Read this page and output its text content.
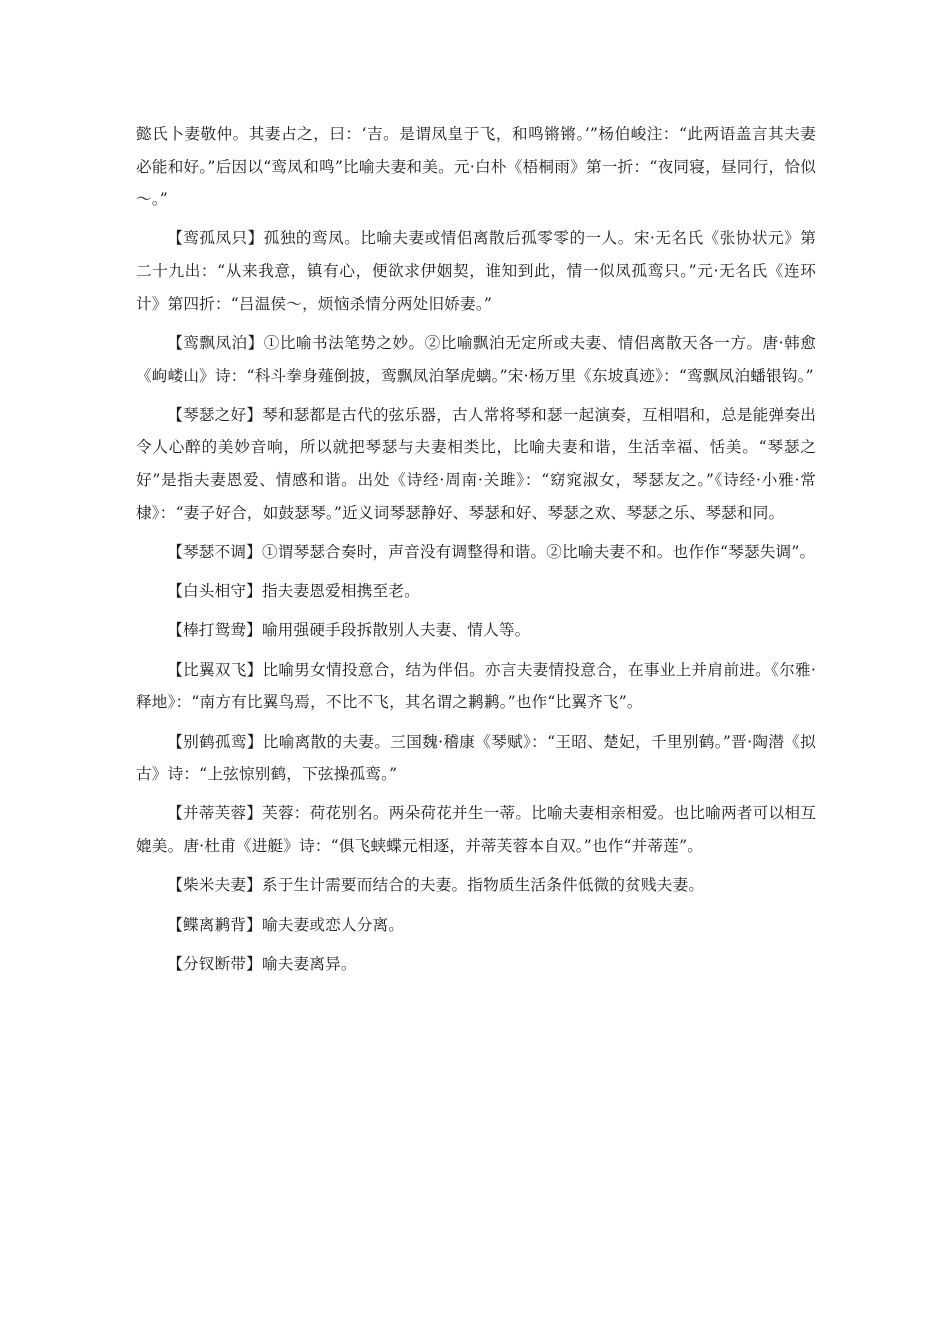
懿氏卜妻敬仲。其妻占之，曰：‘吉。是谓凤皇于飞，和鸣锵锵。’”杨伯峻注：“此两语盖言其夫妻必能和好。”后因以“鸾凤和鸣”比喻夫妻和美。元·白朴《梧桐雨》第一折：“夜同寝，昼同行，恰似～。”

【鸾孤凤只】孤独的鸾凤。比喻夫妻或情侣离散后孤零零的一人。宋·无名氏《张协状元》第二十九出：“从来我意，镇有心，便欲求伊姻契，谁知到此，情一似凤孤鸾只。”元·无名氏《连环计》第四折：“吕温侯～，烦恼杀情分两处旧娇妻。”

【鸾飘凤泊】①比喻书法笔势之妙。②比喻飘泊无定所或夫妻、情侣离散天各一方。唐·韩愈《岣嵝山》诗：“科斗拳身薤倒披，鸾飘凤泊拏虎螭。”宋·杨万里《东坡真迹》：“鸾飘凤泊蟠银钩。”

【琴瑟之好】琴和瑟都是古代的弦乐器，古人常将琴和瑟一起演奏，互相唱和，总是能弹奏出令人心醉的美妙音响，所以就把琴瑟与夫妻相类比，比喻夫妻和谐，生活幸福、恬美。“琴瑟之好”是指夫妻恩爱、情感和谐。出处《诗经·周南·关雎》：“窈窕淑女，琴瑟友之。”《诗经·小雅·常棣》：“妻子好合，如鼓瑟琴。”近义词琴瑟静好、琴瑟和好、琴瑟之欢、琴瑟之乐、琴瑟和同。

【琴瑟不调】①谓琴瑟合奏时，声音没有调整得和谐。②比喻夫妻不和。也作作“琴瑟失调”。

【白头相守】指夫妻恩爱相携至老。

【棒打鸳鸯】喻用强硬手段拆散别人夫妻、情人等。

【比翼双飞】比喻男女情投意合，结为伴侣。亦言夫妻情投意合，在事业上并肩前进。《尔雅·释地》：“南方有比翼鸟焉，不比不飞，其名谓之鹣鹣。”也作“比翼齐飞”。

【别鹤孤鸾】比喻离散的夫妻。三国魏·稽康《琴赋》：“王昭、楚妃，千里别鹤。”晋·陶潜《拟古》诗：“上弦惊别鹤，下弦操孤鸾。”

【并蒂芙蓉】芙蓉：荷花别名。两朵荷花并生一蒂。比喻夫妻相亲相爱。也比喻两者可以相互媲美。唐·杜甫《进艇》诗：“俱飞蛱蝶元相逐，并蒂芙蓉本自双。”也作“并蒂莲”。

【柴米夫妻】系于生计需要而结合的夫妻。指物质生活条件低微的贫贱夫妻。

【鲽离鹣背】喻夫妻或恋人分离。

【分钗断带】喻夫妻离异。
